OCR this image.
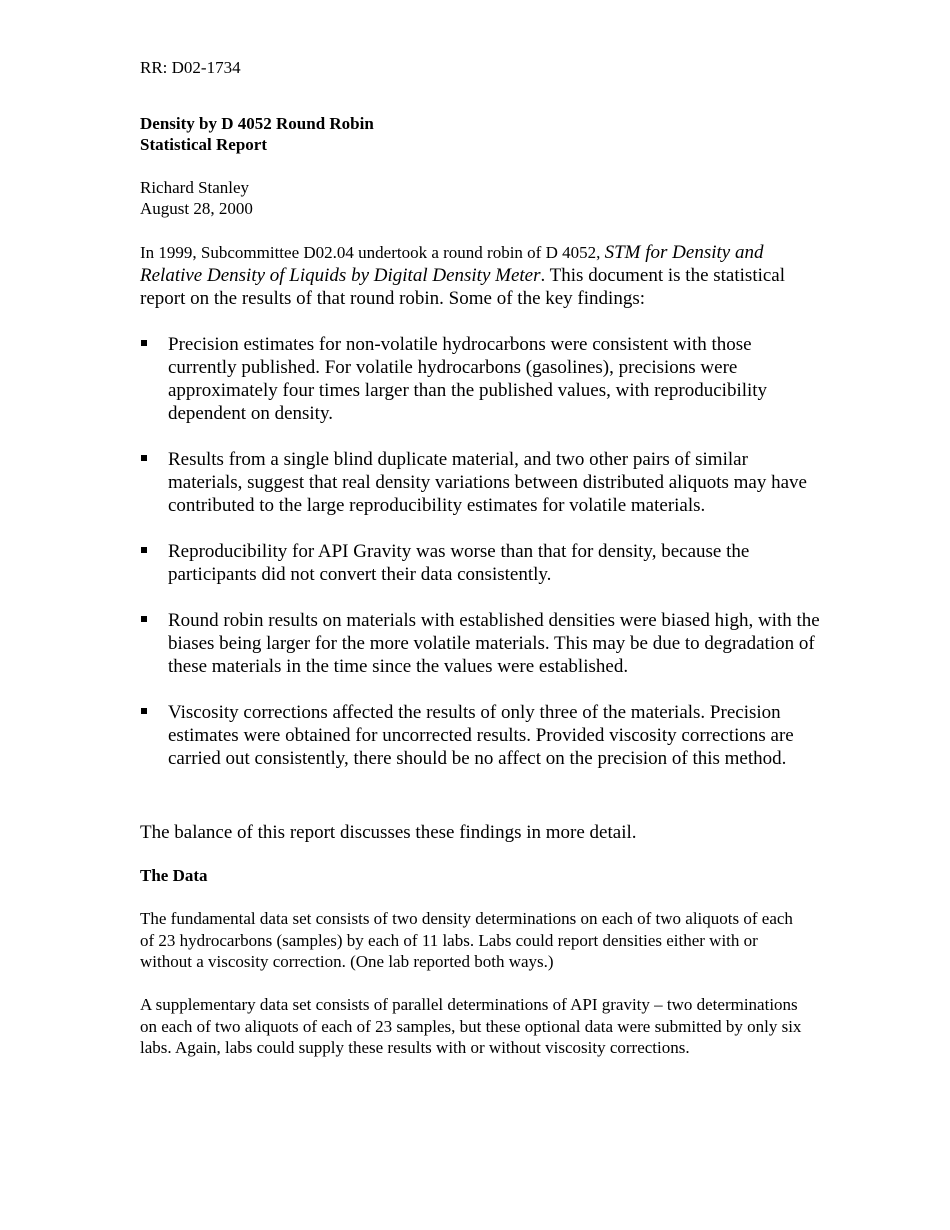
RR: D02-1734
Density by D 4052 Round Robin
Statistical Report
Richard Stanley
August 28, 2000
In 1999, Subcommittee D02.04 undertook a round robin of D 4052, STM for Density and Relative Density of Liquids by Digital Density Meter. This document is the statistical report on the results of that round robin. Some of the key findings:
Precision estimates for non-volatile hydrocarbons were consistent with those currently published. For volatile hydrocarbons (gasolines), precisions were approximately four times larger than the published values, with reproducibility dependent on density.
Results from a single blind duplicate material, and two other pairs of similar materials, suggest that real density variations between distributed aliquots may have contributed to the large reproducibility estimates for volatile materials.
Reproducibility for API Gravity was worse than that for density, because the participants did not convert their data consistently.
Round robin results on materials with established densities were biased high, with the biases being larger for the more volatile materials. This may be due to degradation of these materials in the time since the values were established.
Viscosity corrections affected the results of only three of the materials. Precision estimates were obtained for uncorrected results. Provided viscosity corrections are carried out consistently, there should be no affect on the precision of this method.
The balance of this report discusses these findings in more detail.
The Data
The fundamental data set consists of two density determinations on each of two aliquots of each of 23 hydrocarbons (samples) by each of 11 labs. Labs could report densities either with or without a viscosity correction. (One lab reported both ways.)
A supplementary data set consists of parallel determinations of API gravity – two determinations on each of two aliquots of each of 23 samples, but these optional data were submitted by only six labs. Again, labs could supply these results with or without viscosity corrections.
